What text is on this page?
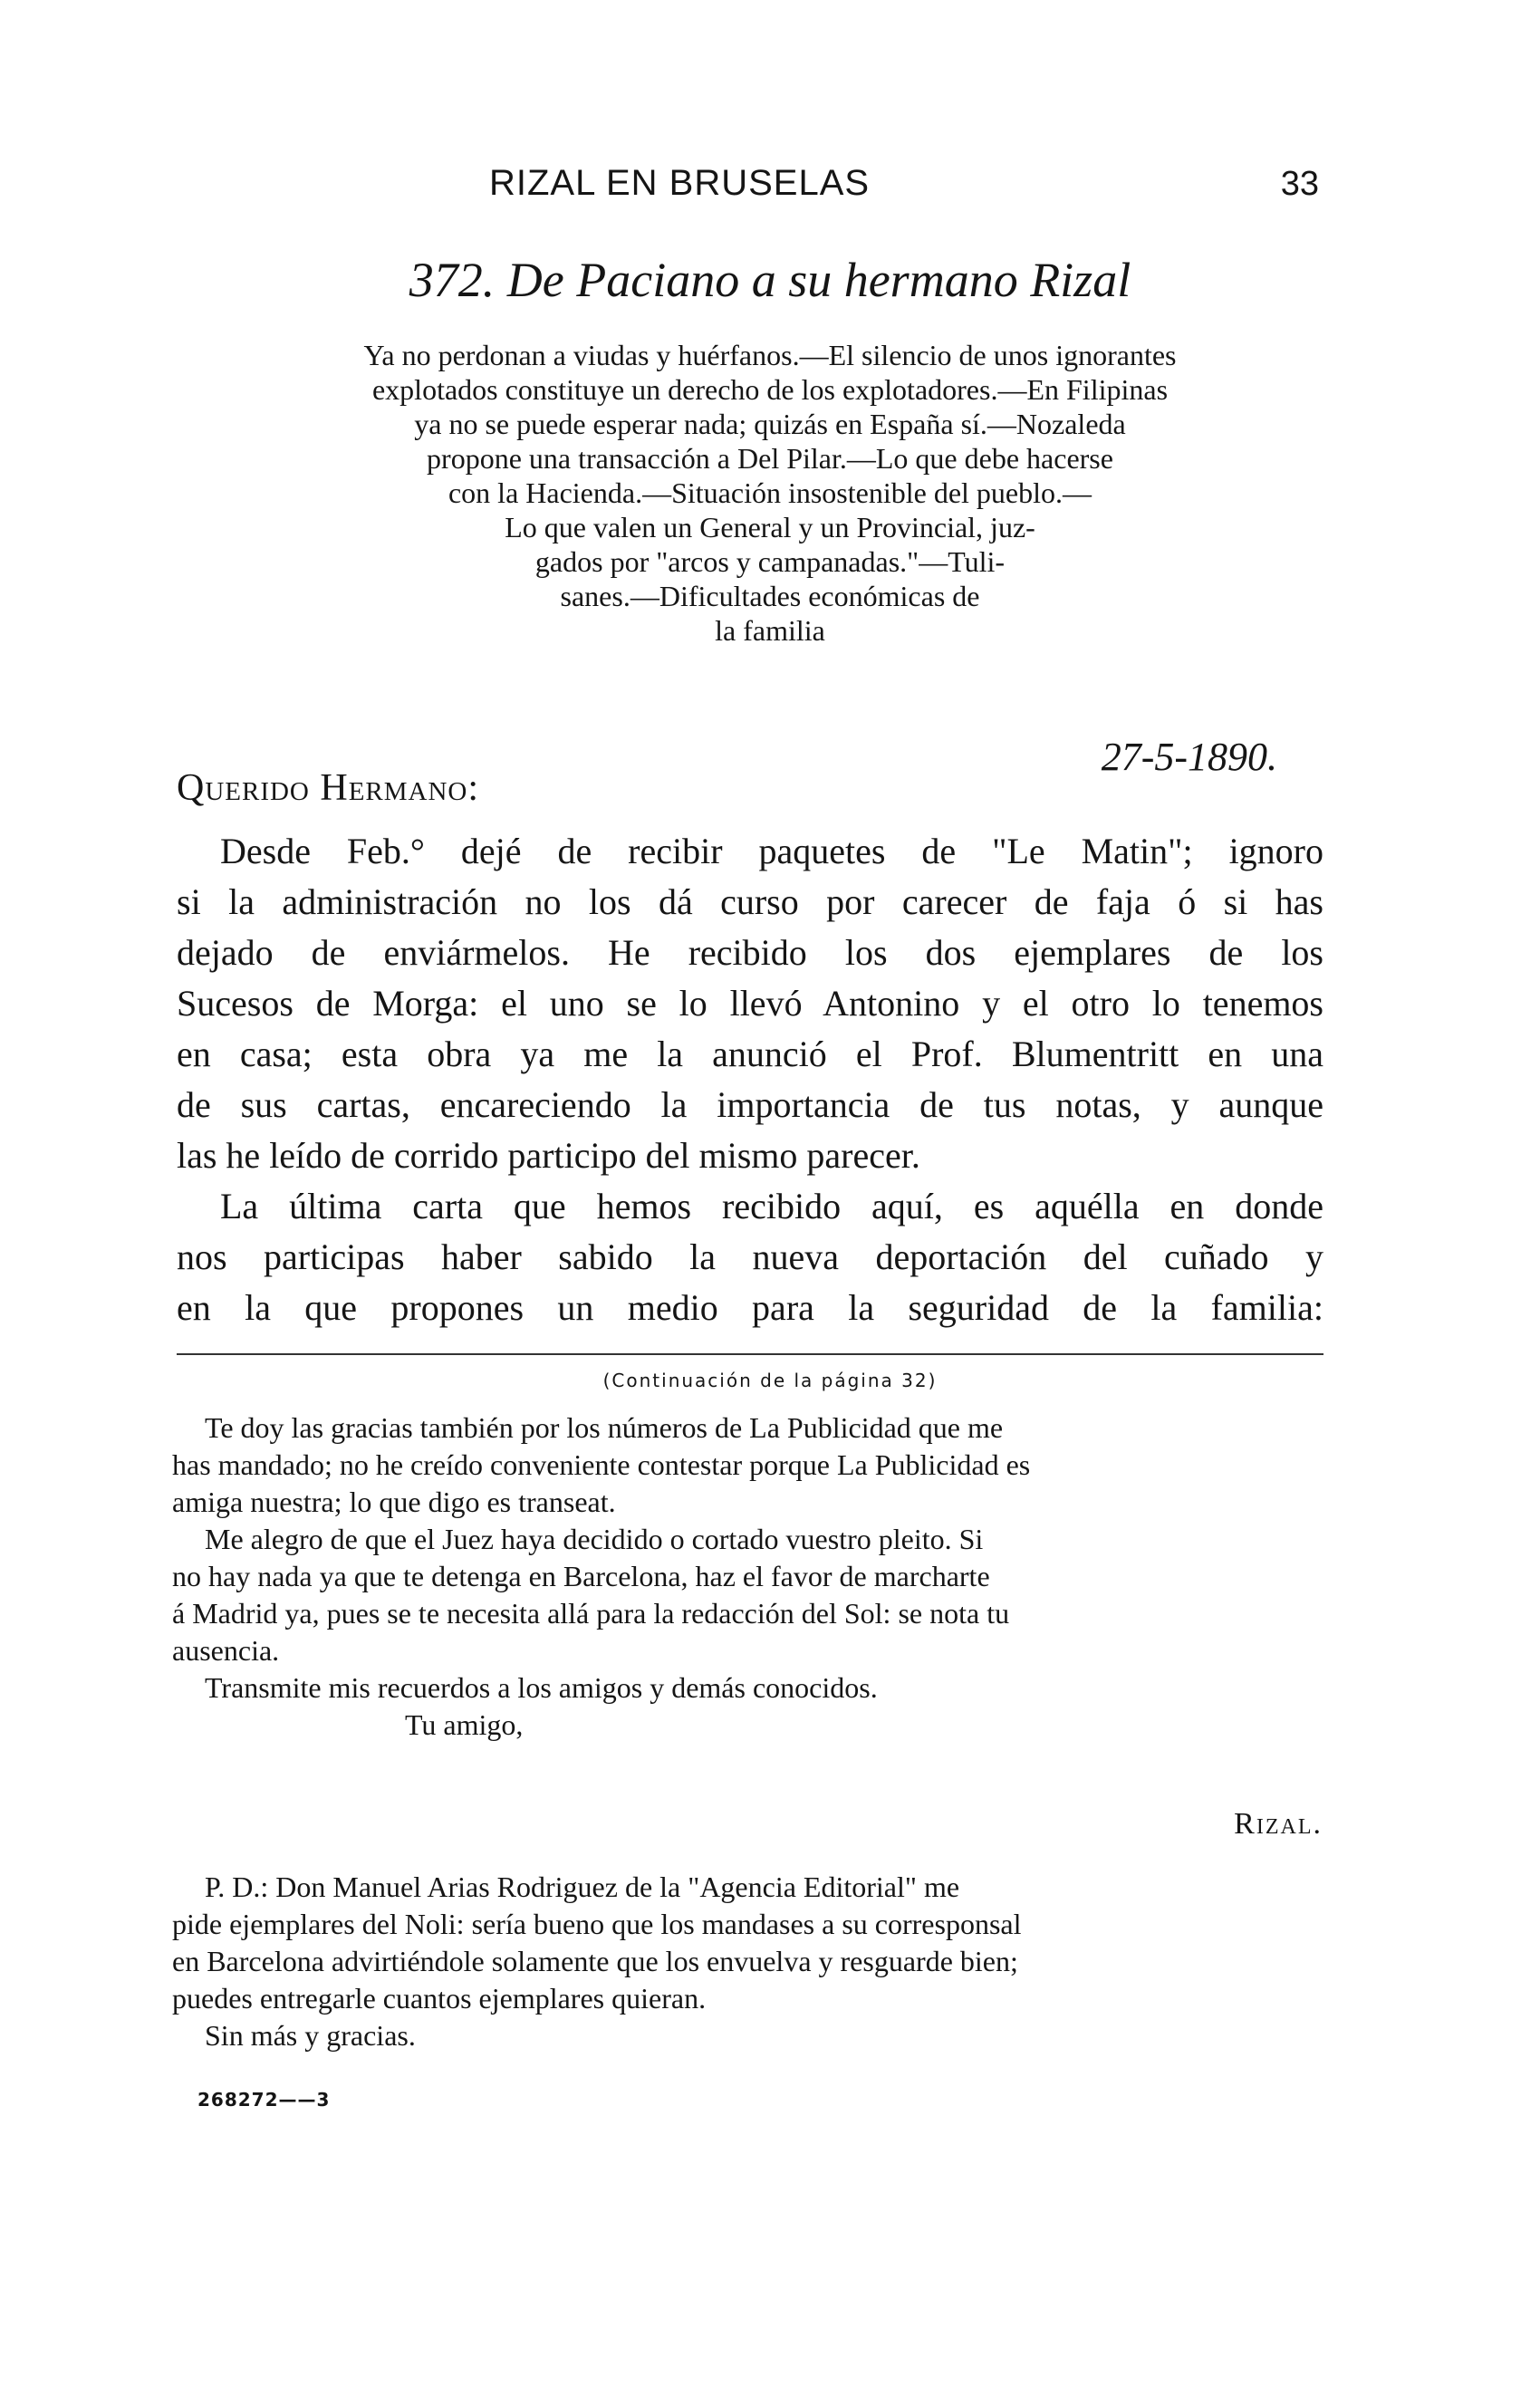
RIZAL EN BRUSELAS	33
372. De Paciano a su hermano Rizal
Ya no perdonan a viudas y huérfanos.—El silencio de unos ignorantes
explotados constituye un derecho de los explotadores.—En Filipinas
ya no se puede esperar nada; quizás en España sí.—Nozaleda
propone una transacción a Del Pilar.—Lo que debe hacerse
con la Hacienda.—Situación insostenible del pueblo.—
Lo que valen un General y un Provincial, juz-
gados por "arcos y campanadas."—Tuli-
sanes.—Dificultades económicas de
la familia
27-5-1890.
Querido Hermano:
Desde Feb.° dejé de recibir paquetes de "Le Matin"; ignoro
si la administración no los dá curso por carecer de faja ó si has
dejado de enviármelos. He recibido los dos ejemplares de los
Sucesos de Morga: el uno se lo llevó Antonino y el otro lo tenemos
en casa; esta obra ya me la anunció el Prof. Blumentritt en una
de sus cartas, encareciendo la importancia de tus notas, y aunque
las he leído de corrido participo del mismo parecer.
La última carta que hemos recibido aquí, es aquélla en donde
nos participas haber sabido la nueva deportación del cuñado y
en la que propones un medio para la seguridad de la familia:
(Continuación de la página 32)
Te doy las gracias también por los números de La Publicidad que me
has mandado; no he creído conveniente contestar porque La Publicidad es
amiga nuestra; lo que digo es transeat.
Me alegro de que el Juez haya decidido o cortado vuestro pleito. Si
no hay nada ya que te detenga en Barcelona, haz el favor de marcharte
á Madrid ya, pues se te necesita allá para la redacción del Sol: se nota tu
ausencia.
Transmite mis recuerdos a los amigos y demás conocidos.
Tu amigo,
Rizal.
P. D.: Don Manuel Arias Rodriguez de la "Agencia Editorial" me
pide ejemplares del Noli: sería bueno que los mandases a su corresponsal
en Barcelona advirtiéndole solamente que los envuelva y resguarde bien;
puedes entregarle cuantos ejemplares quieran.
Sin más y gracias.
268272——3
